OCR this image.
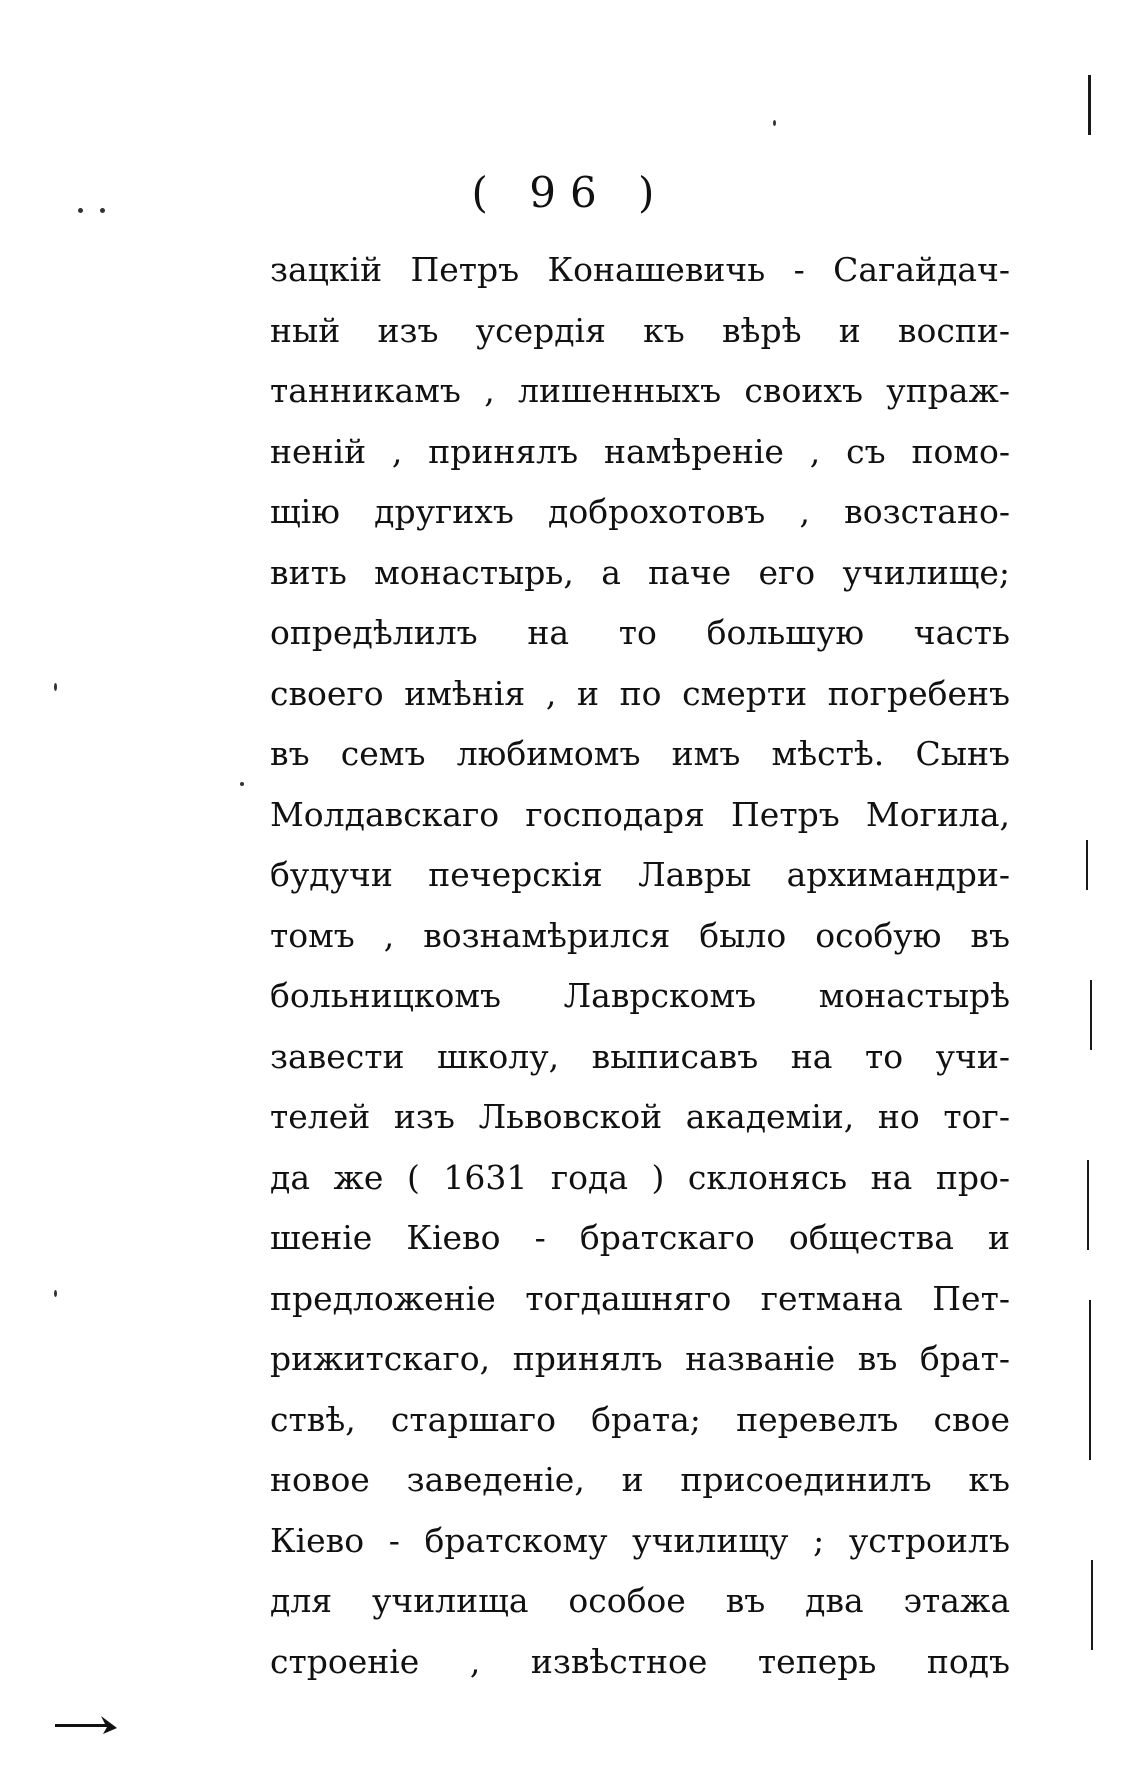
( 96 )
зацкій Петръ Конашевичь - Сагайдач-
ный изъ усердія къ вѣрѣ и воспи-
танникамъ , лишенныхъ своихъ упраж-
неній , принялъ намѣреніе , съ помо-
щію другихъ доброхотовъ , возстано-
вить монастырь, а паче его училище;
опредѣлилъ на то большую часть
своего имѣнія , и по смерти погребенъ
въ семъ любимомъ имъ мѣстѣ. Сынъ
Молдавскаго господаря Петръ Могила,
будучи печерскія Лавры архимандри-
томъ , вознамѣрился было особую въ
больницкомъ Лаврскомъ монастырѣ
завести школу, выписавъ на то учи-
телей изъ Львовской академіи, но тог-
да же ( 1631 года ) склонясь на про-
шеніе Кіево - братскаго общества и
предложеніе тогдашняго гетмана Пет-
рижитскаго, принялъ названіе въ брат-
ствѣ, старшаго брата; перевелъ свое
новое заведеніе, и присоединилъ къ
Кіево - братскому училищу ; устроилъ
для училища особое въ два этажа
строеніе , извѣстное теперь подъ
